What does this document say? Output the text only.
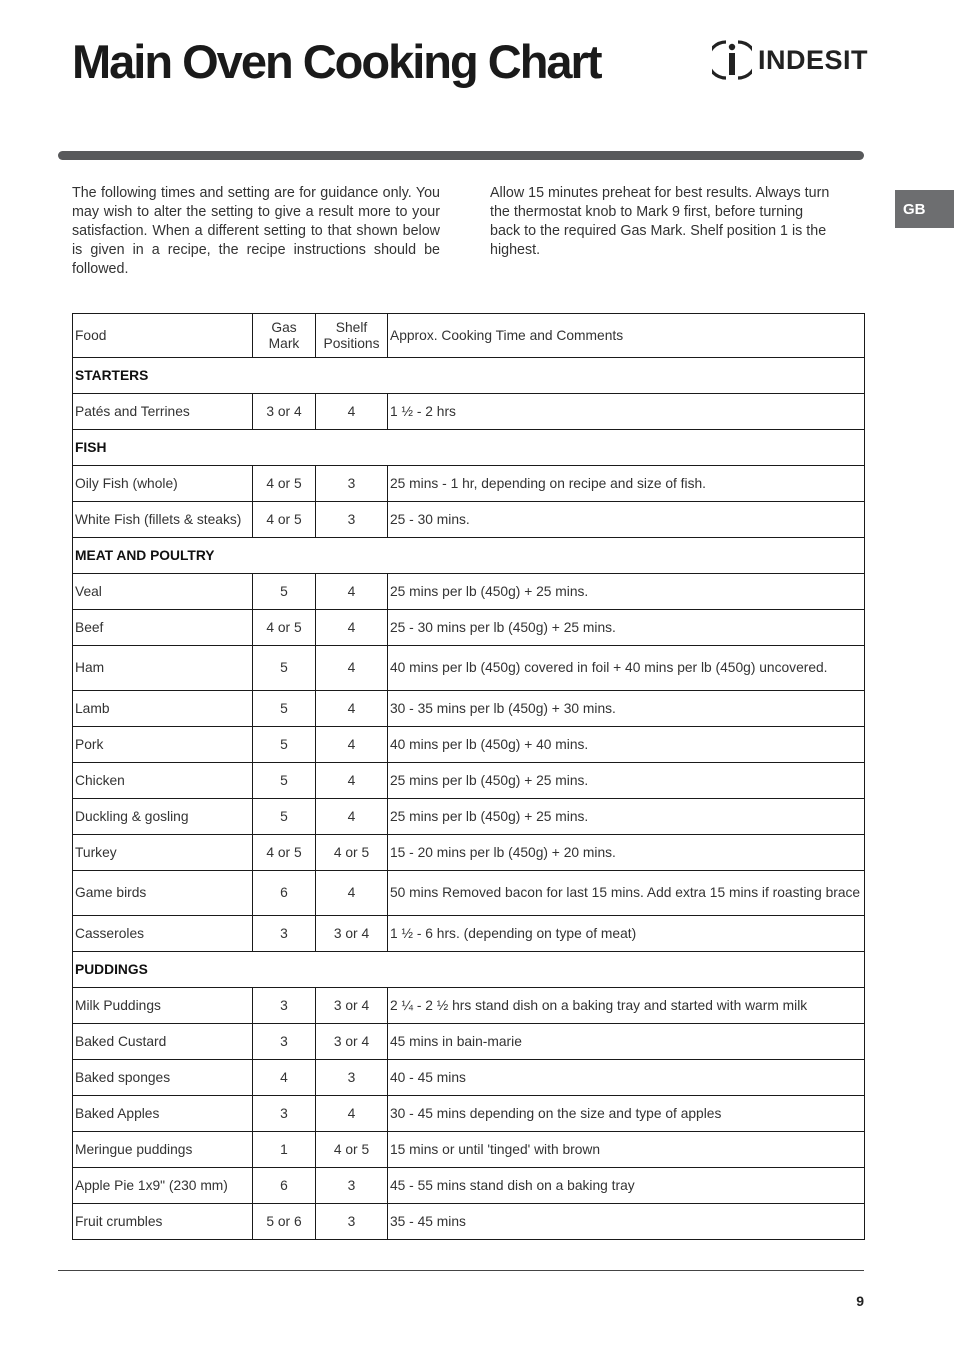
Main Oven Cooking Chart	INDESIT
GB
The following times and setting are for guidance only. You may wish to alter the setting to give a result more to your satisfaction. When a different setting to that shown below is given in a recipe, the recipe instructions should be followed.
Allow 15 minutes preheat for best results. Always turn the thermostat knob to Mark 9 first, before turning back to the required Gas Mark. Shelf position 1 is the highest.
Food	Gas Mark	Shelf Positions	Approx. Cooking Time and Comments
STARTERS			
Patés and Terrines	3 or 4	4	1 ½ - 2 hrs
FISH			
Oily Fish (whole)	4 or 5	3	25 mins - 1 hr, depending on recipe and size of fish.
White Fish (fillets & steaks)	4 or 5	3	25 - 30 mins.
MEAT AND POULTRY			
Veal	5	4	25 mins per lb (450g) + 25 mins.
Beef	4 or 5	4	25 - 30 mins per lb (450g) + 25 mins.
Ham	5	4	40 mins per lb (450g) covered in foil + 40 mins per lb (450g) uncovered.
Lamb	5	4	30 - 35 mins per lb (450g) + 30 mins.
Pork	5	4	40 mins per lb (450g) + 40 mins.
Chicken	5	4	25 mins per lb (450g) + 25 mins.
Duckling & gosling	5	4	25 mins per lb (450g) + 25 mins.
Turkey	4 or 5	4 or 5	15 - 20 mins per lb (450g) + 20 mins.
Game birds	6	4	50 mins Removed bacon for last 15 mins. Add extra 15 mins if roasting brace
Casseroles	3	3 or 4	1 ½ - 6 hrs. (depending on type of meat)
PUDDINGS			
Milk Puddings	3	3 or 4	2 ¼ - 2 ½ hrs stand dish on a baking tray and started with warm milk
Baked Custard	3	3 or 4	45 mins in bain-marie
Baked sponges	4	3	40 - 45 mins
Baked Apples	3	4	30 - 45 mins depending on the size and type of apples
Meringue puddings	1	4 or 5	15 mins or until 'tinged' with brown
Apple Pie 1x9" (230 mm)	6	3	45 - 55 mins stand dish on a baking tray
Fruit crumbles	5 or 6	3	35 - 45 mins
9
